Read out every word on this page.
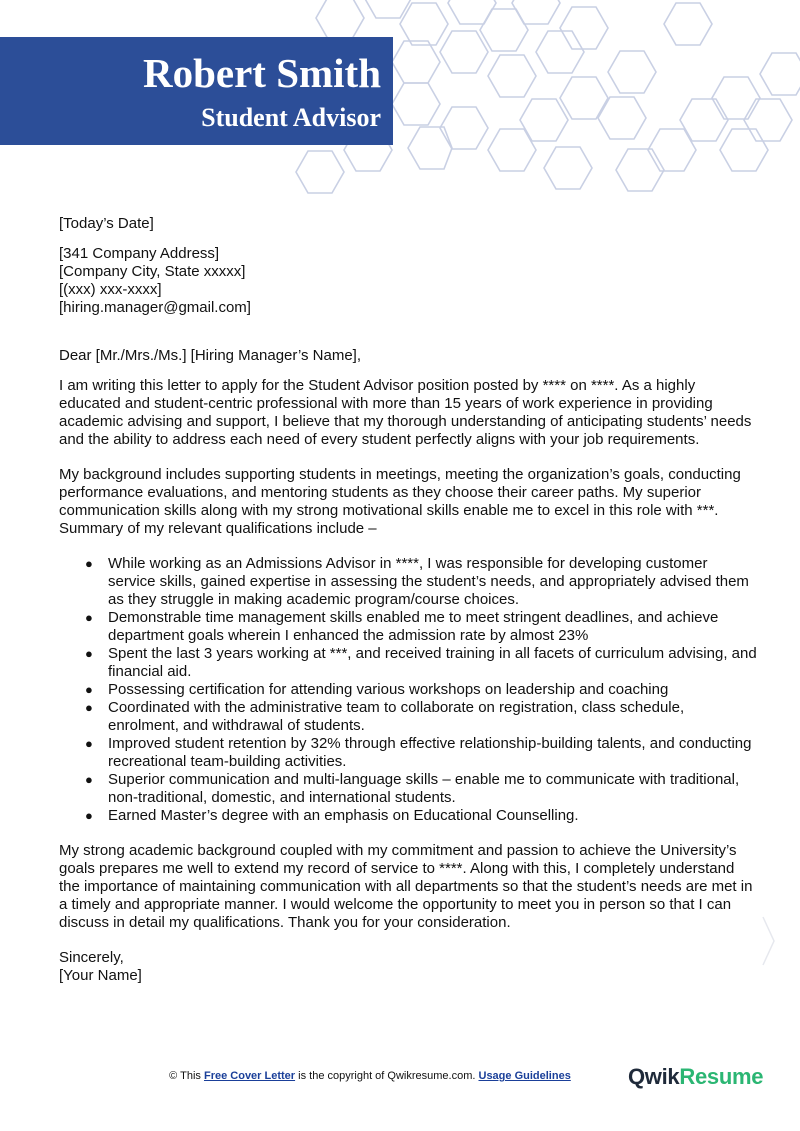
Robert Smith
Student Advisor

[Today’s Date]

[341 Company Address]

[Company City, State xxxxx]

[(xxx) xxx-xxxx]

[hiring.manager@gmail.com]

Dear [Mr./Mrs./Ms.] [Hiring Manager’s Name],

I am writing this letter to apply for the Student Advisor position posted by **** on ****. As a highly educated and student-centric professional with more than 15 years of work experience in providing academic advising and support, I believe that my thorough understanding of anticipating students’ needs and the ability to address each need of every student perfectly aligns with your job requirements.

My background includes supporting students in meetings, meeting the organization’s goals, conducting performance evaluations, and mentoring students as they choose their career paths. My superior communication skills along with my strong motivational skills enable me to excel in this role with ***. Summary of my relevant qualifications include –

● While working as an Admissions Advisor in ****, I was responsible for developing customer service skills, gained expertise in assessing the student’s needs, and appropriately advised them as they struggle in making academic program/course choices.
● Demonstrable time management skills enabled me to meet stringent deadlines, and achieve department goals wherein I enhanced the admission rate by almost 23%
● Spent the last 3 years working at ***, and received training in all facets of curriculum advising, and financial aid.
● Possessing certification for attending various workshops on leadership and coaching
● Coordinated with the administrative team to collaborate on registration, class schedule, enrolment, and withdrawal of students.
● Improved student retention by 32% through effective relationship-building talents, and conducting recreational team-building activities.
● Superior communication and multi-language skills – enable me to communicate with traditional, non-traditional, domestic, and international students.
● Earned Master’s degree with an emphasis on Educational Counselling.

My strong academic background coupled with my commitment and passion to achieve the University’s goals prepares me well to extend my record of service to ****. Along with this, I completely understand the importance of maintaining communication with all departments so that the student’s needs are met in a timely and appropriate manner. I would welcome the opportunity to meet you in person so that I can discuss in detail my qualifications. Thank you for your consideration.

Sincerely,

[Your Name]

© This Free Cover Letter is the copyright of Qwikresume.com. Usage Guidelines	QwikResume
